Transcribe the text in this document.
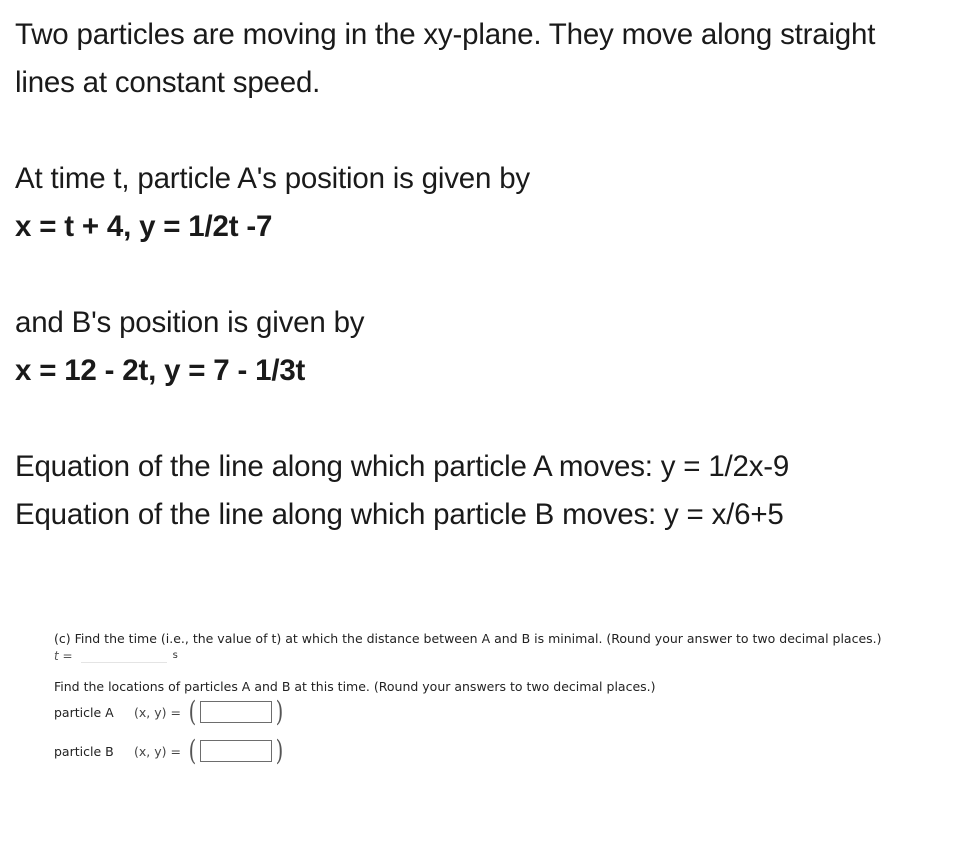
Two particles are moving in the xy-plane. They move along straight
lines at constant speed.

At time t, particle A's position is given by
x = t + 4, y = 1/2t -7

and B's position is given by
x = 12 - 2t, y = 7 - 1/3t

Equation of the line along which particle A moves: y = 1/2x-9
Equation of the line along which particle B moves: y = x/6+5

(c) Find the time (i.e., the value of t) at which the distance between A and B is minimal. (Round your answer to two decimal places.)
t =	s
Find the locations of particles A and B at this time. (Round your answers to two decimal places.)
particle A	(x, y) = (	)
particle B	(x, y) = (	)
